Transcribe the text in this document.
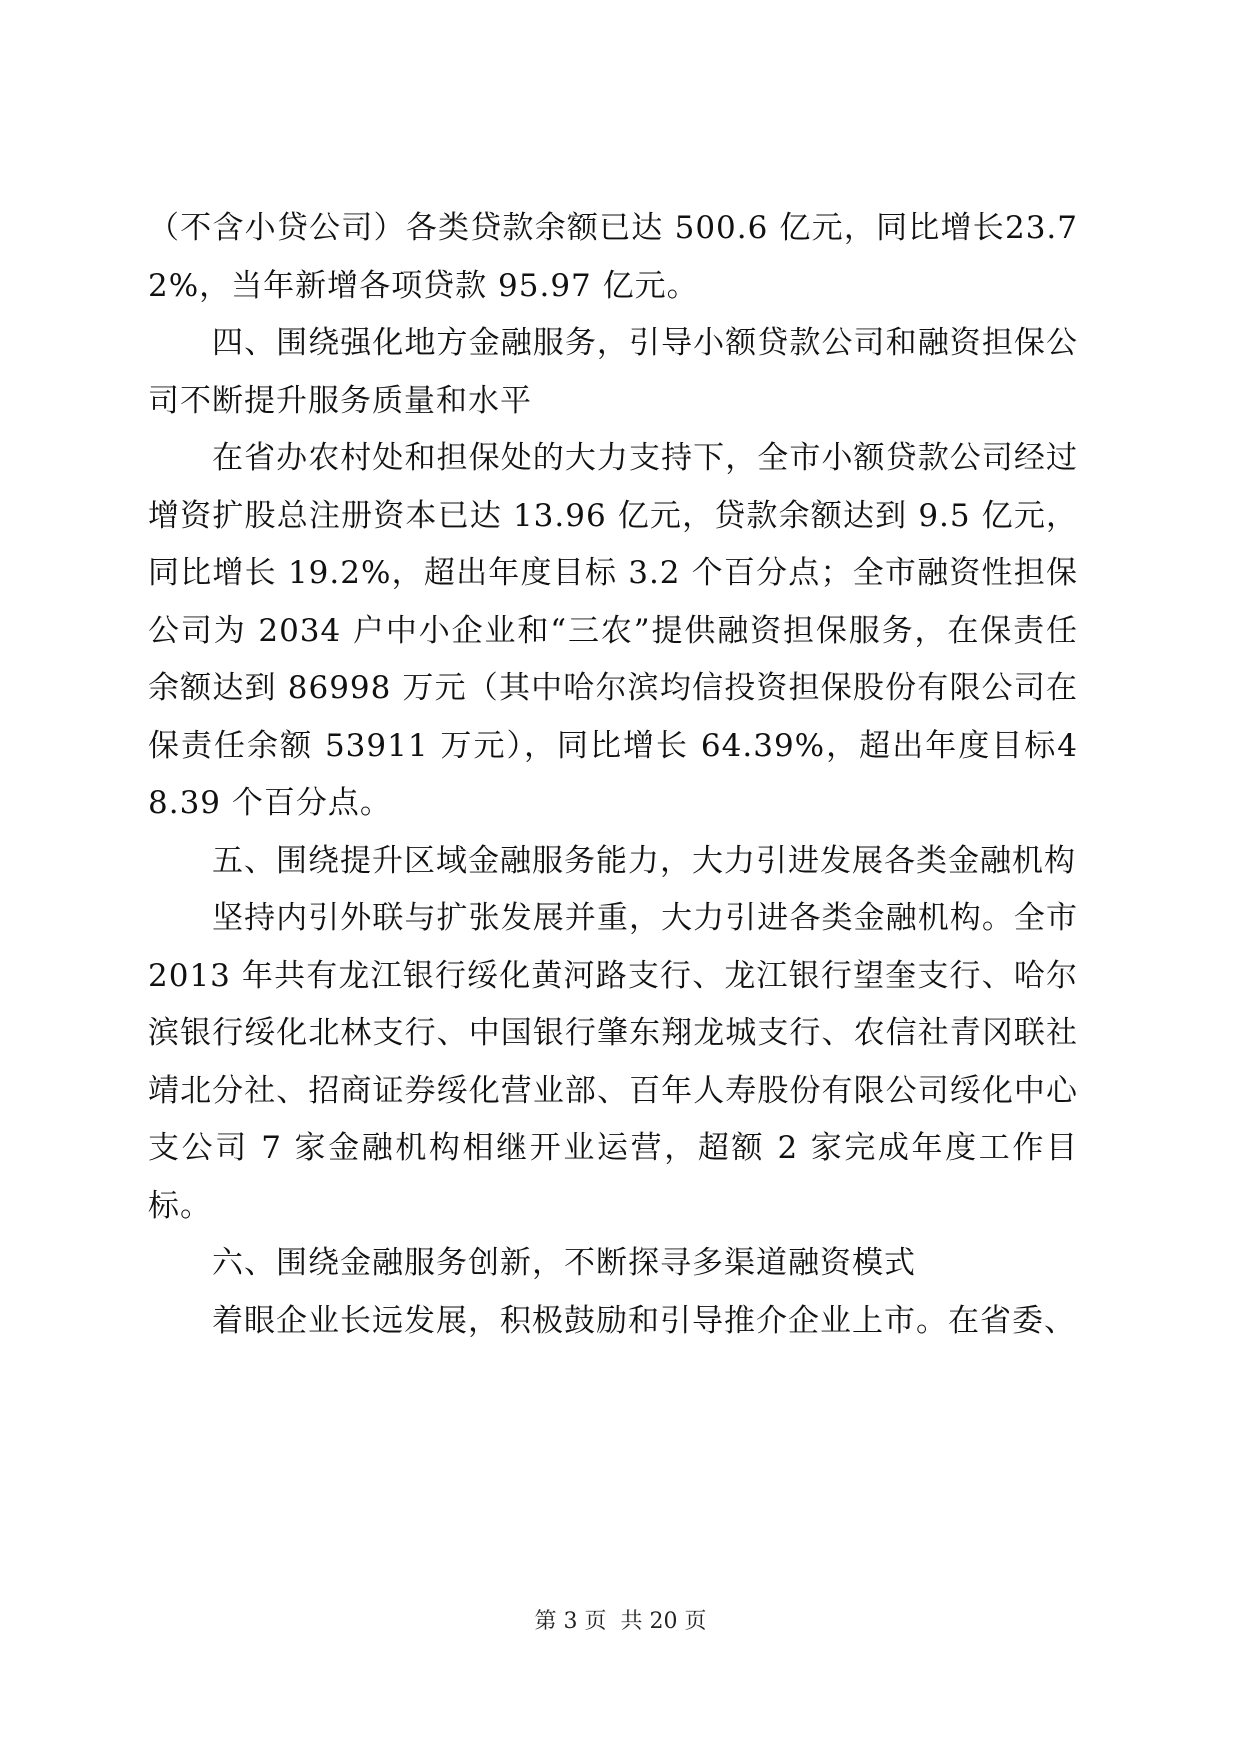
（不含小贷公司）各类贷款余额已达 500.6 亿元，同比增长23.72%，当年新增各项贷款 95.97 亿元。

四、围绕强化地方金融服务，引导小额贷款公司和融资担保公司不断提升服务质量和水平

在省办农村处和担保处的大力支持下，全市小额贷款公司经过增资扩股总注册资本已达 13.96 亿元，贷款余额达到 9.5 亿元，同比增长 19.2%，超出年度目标 3.2 个百分点；全市融资性担保公司为 2034 户中小企业和“三农”提供融资担保服务，在保责任余额达到 86998 万元（其中哈尔滨均信投资担保股份有限公司在保责任余额 53911 万元），同比增长 64.39%，超出年度目标48.39 个百分点。

五、围绕提升区域金融服务能力，大力引进发展各类金融机构

坚持内引外联与扩张发展并重，大力引进各类金融机构。全市 2013 年共有龙江银行绥化黄河路支行、龙江银行望奎支行、哈尔滨银行绥化北林支行、中国银行肇东翔龙城支行、农信社青冈联社靖北分社、招商证券绥化营业部、百年人寿股份有限公司绥化中心支公司 7 家金融机构相继开业运营，超额 2 家完成年度工作目标。

六、围绕金融服务创新，不断探寻多渠道融资模式

着眼企业长远发展，积极鼓励和引导推介企业上市。在省委、

第 3 页 共 20 页
